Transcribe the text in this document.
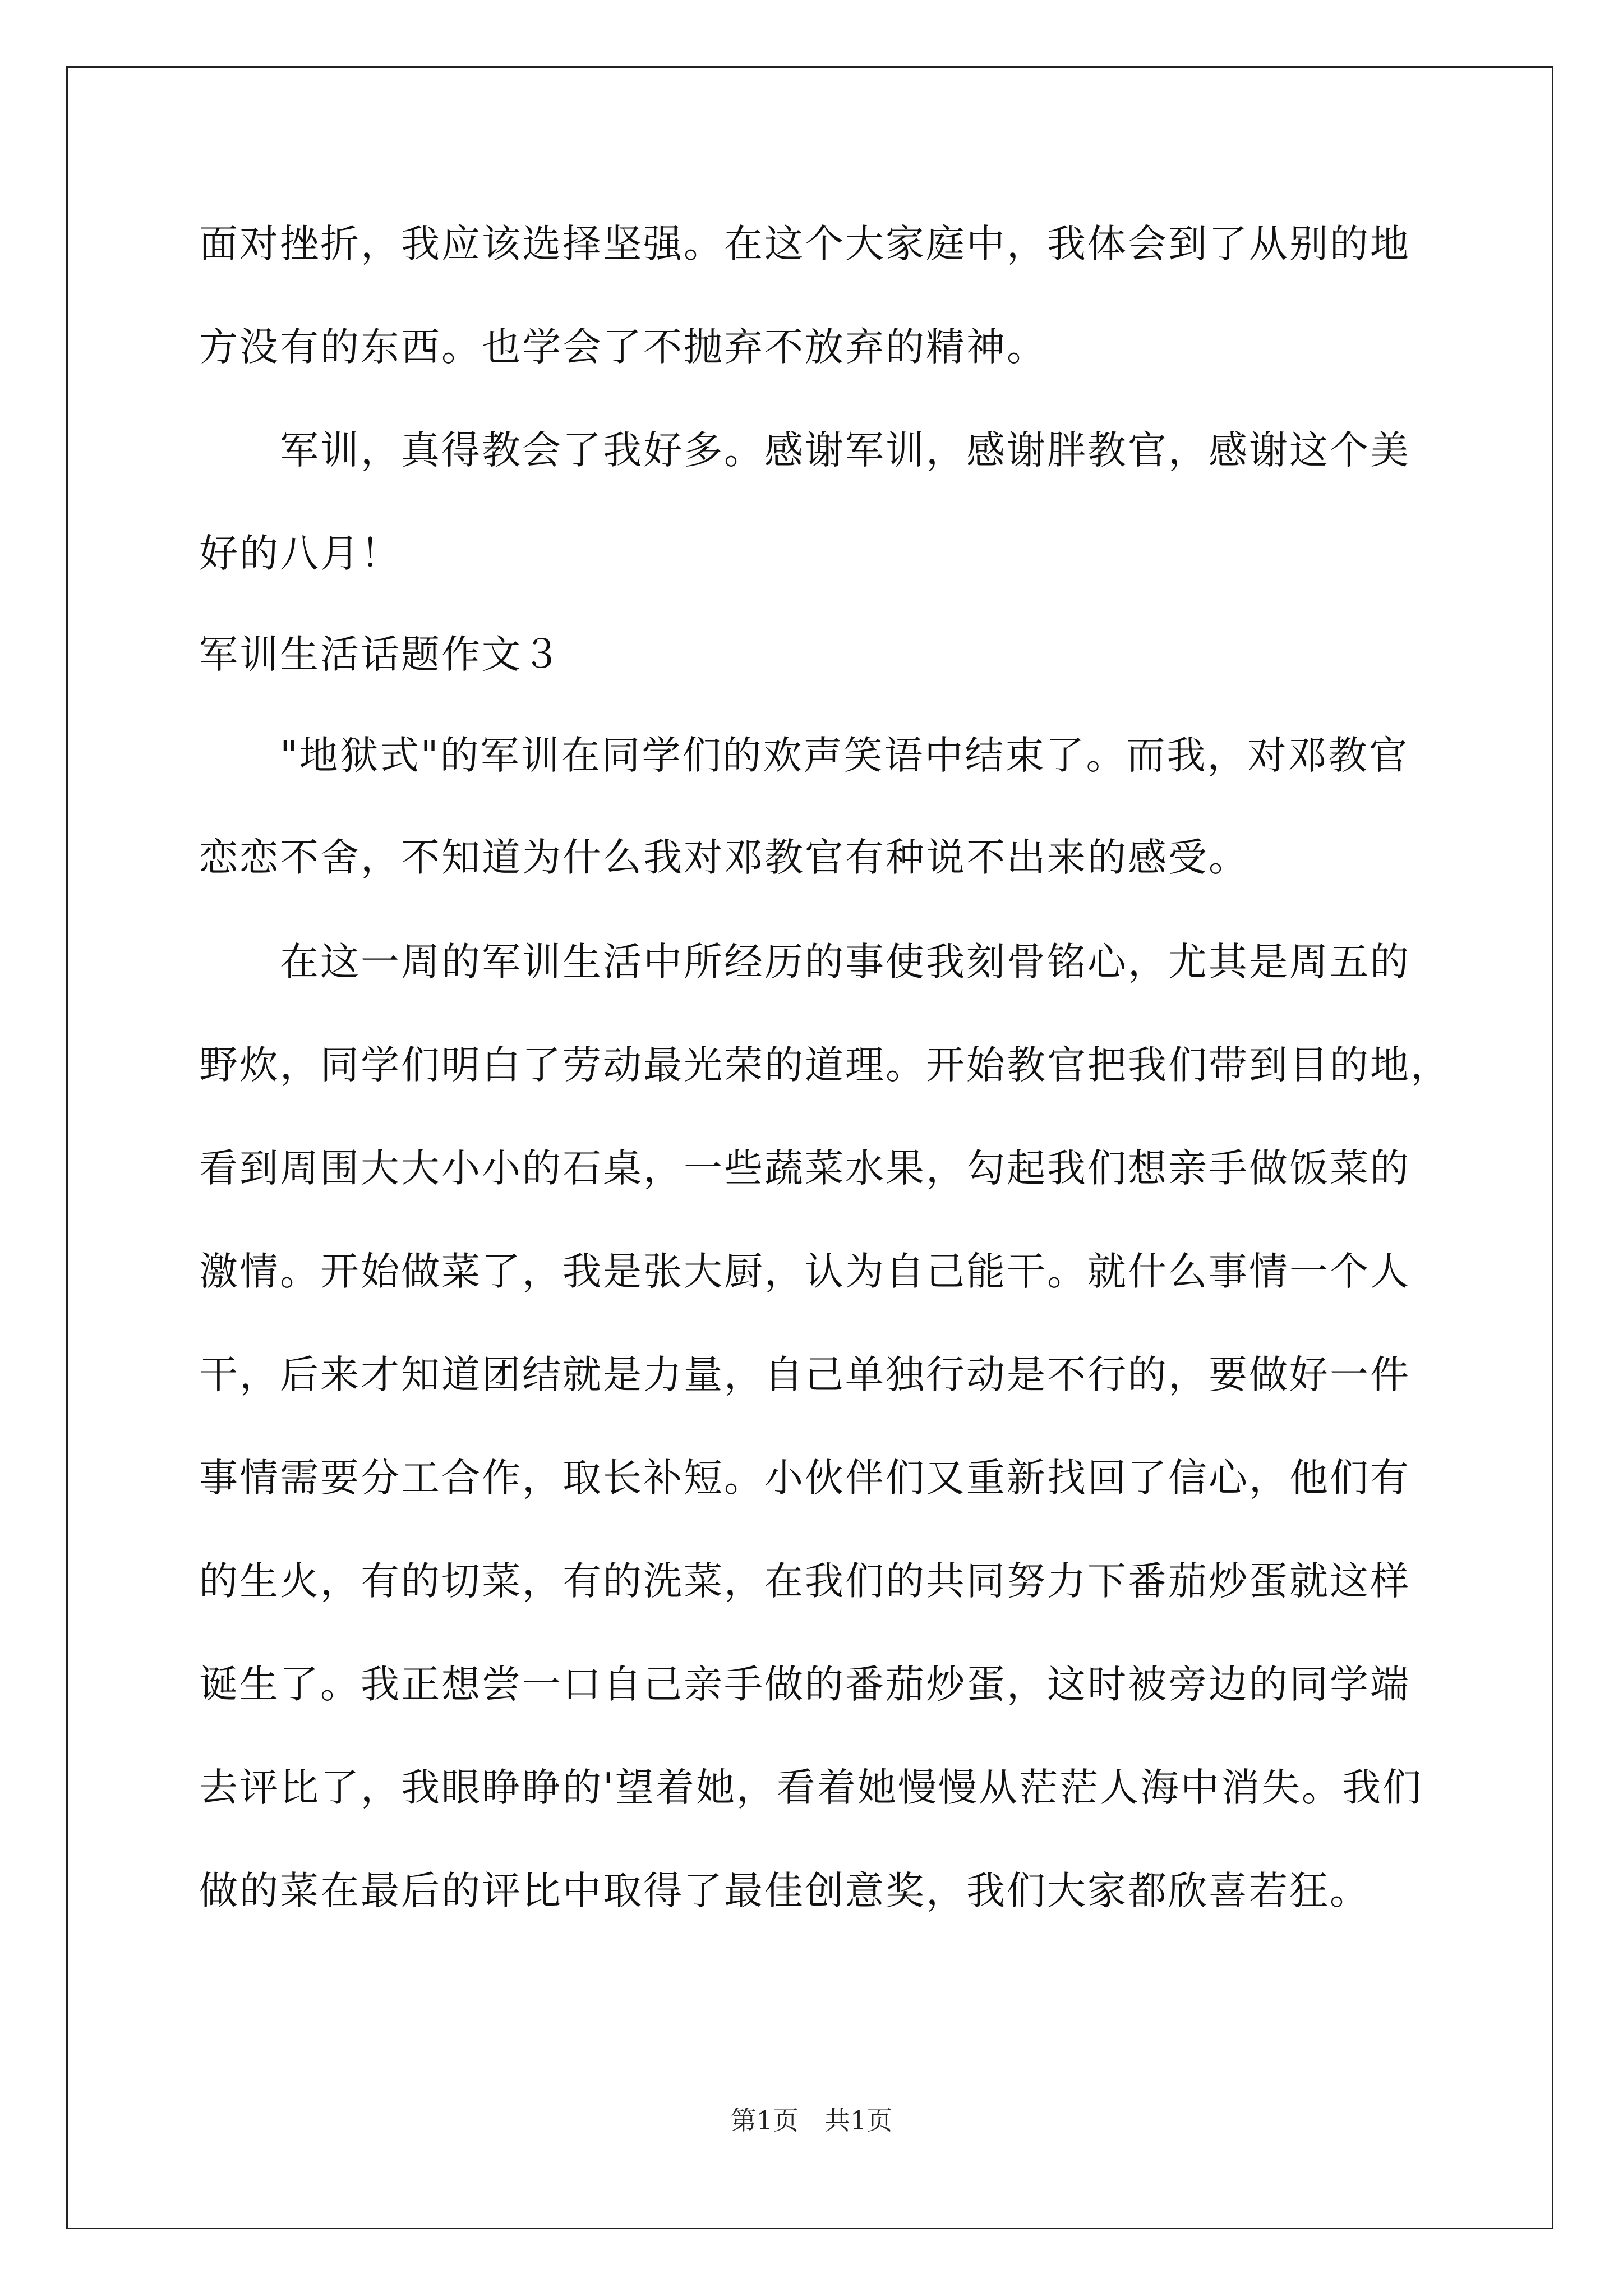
面对挫折，我应该选择坚强。在这个大家庭中，我体会到了从别的地
方没有的东西。也学会了不抛弃不放弃的精神。
　　军训，真得教会了我好多。感谢军训，感谢胖教官，感谢这个美
好的八月！
军训生活话题作文３
　　"地狱式"的军训在同学们的欢声笑语中结束了。而我，对邓教官
恋恋不舍，不知道为什么我对邓教官有种说不出来的感受。
　　在这一周的军训生活中所经历的事使我刻骨铭心，尤其是周五的
野炊，同学们明白了劳动最光荣的道理。开始教官把我们带到目的地，
看到周围大大小小的石桌，一些蔬菜水果，勾起我们想亲手做饭菜的
激情。开始做菜了，我是张大厨，认为自己能干。就什么事情一个人
干，后来才知道团结就是力量，自己单独行动是不行的，要做好一件
事情需要分工合作，取长补短。小伙伴们又重新找回了信心，他们有
的生火，有的切菜，有的洗菜，在我们的共同努力下番茄炒蛋就这样
诞生了。我正想尝一口自己亲手做的番茄炒蛋，这时被旁边的同学端
去评比了，我眼睁睁的'望着她，看着她慢慢从茫茫人海中消失。我们
做的菜在最后的评比中取得了最佳创意奖，我们大家都欣喜若狂。
第1页　共1页
